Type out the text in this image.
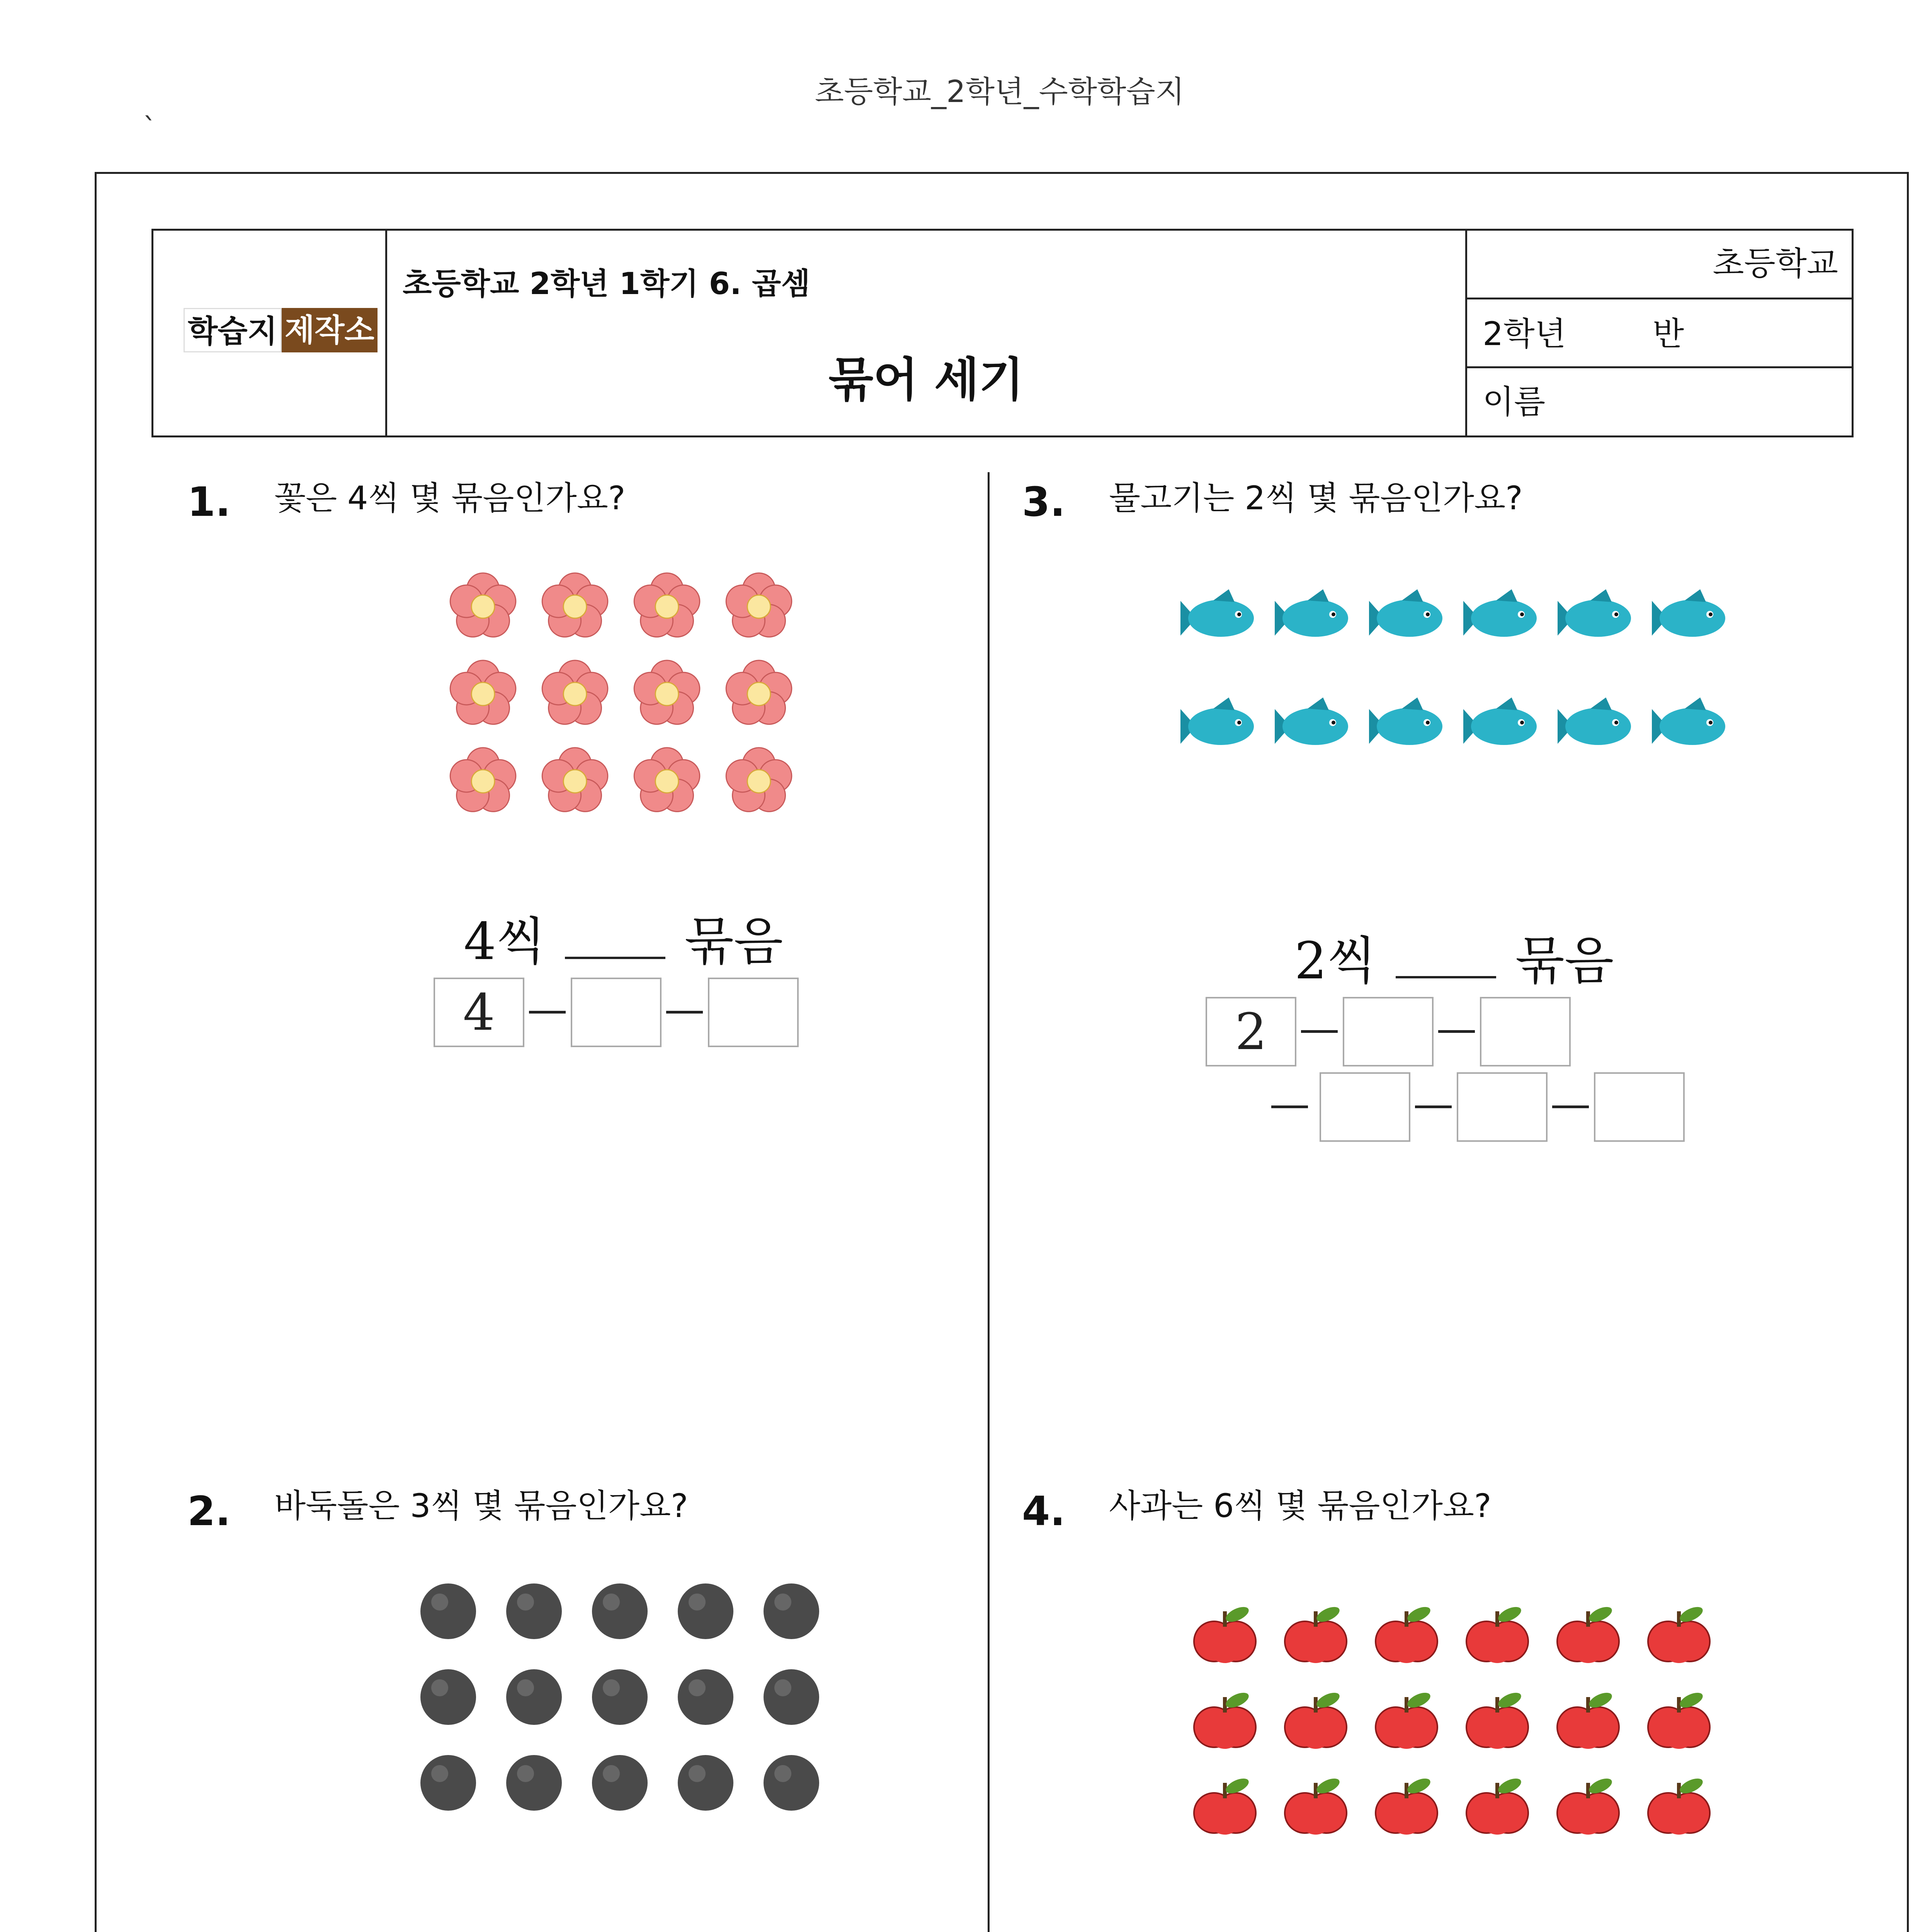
초등학교_2학년_수학학습지
`
학습지 제작소
초등학교 2학년 1학기 6. 곱셈
묶어 세기
초등학교
2학년	반
이름
1. 꽃은 4씩 몇 묶음인가요?
4씩	묶음
2. 바둑돌은 3씩 몇 묶음인가요?
3. 물고기는 2씩 몇 묶음인가요?
2씩	묶음
4. 사과는 6씩 몇 묶음인가요?
4	2
